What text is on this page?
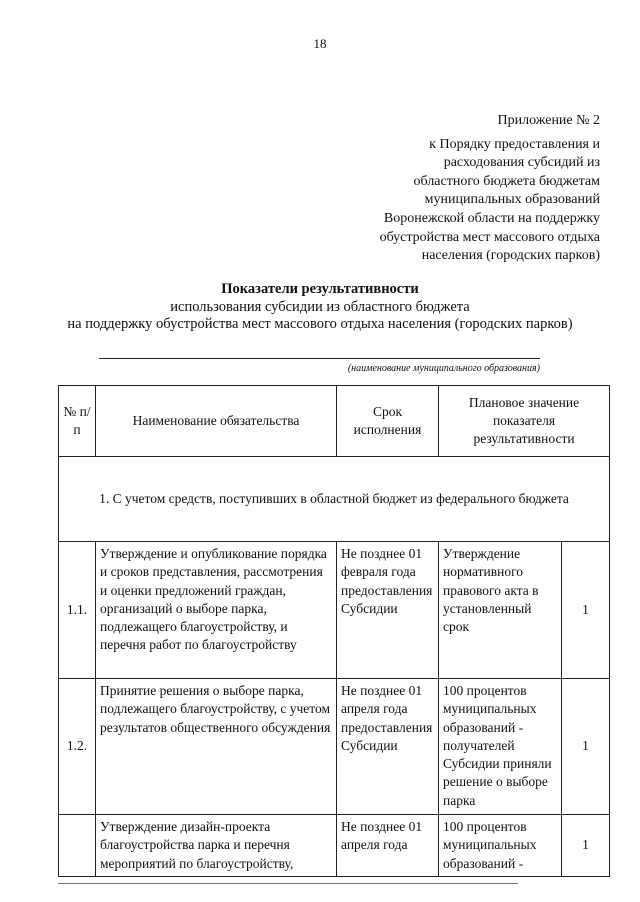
18
Приложение № 2
к Порядку предоставления и
расходования субсидий из
областного бюджета бюджетам
муниципальных образований
Воронежской области на поддержку
обустройства мест массового отдыха
населения (городских парков)
Показатели результативности
использования субсидии из областного бюджета
на поддержку обустройства мест массового отдыха населения (городских парков)
(наименование муниципального образования)
№ п/п	Наименование обязательства	Срок исполнения	Плановое значение показателя результативности	
1. С учетом средств, поступивших в областной бюджет из федерального бюджета				
1.1.	Утверждение и опубликование порядка и сроков представления, рассмотрения и оценки предложений граждан, организаций о выборе парка, подлежащего благоустройству, и перечня работ по благоустройству	Не позднее 01 февраля года предоставления Субсидии	Утверждение нормативного правового акта в установленный срок	1
1.2.	Принятие решения о выборе парка, подлежащего благоустройству, с учетом результатов общественного обсуждения	Не позднее 01 апреля года предоставления Субсидии	100 процентов муниципальных образований - получателей Субсидии приняли решение о выборе парка	1
	Утверждение дизайн-проекта благоустройства парка и перечня мероприятий по благоустройству,	Не позднее 01 апреля года	100 процентов муниципальных образований -	1
